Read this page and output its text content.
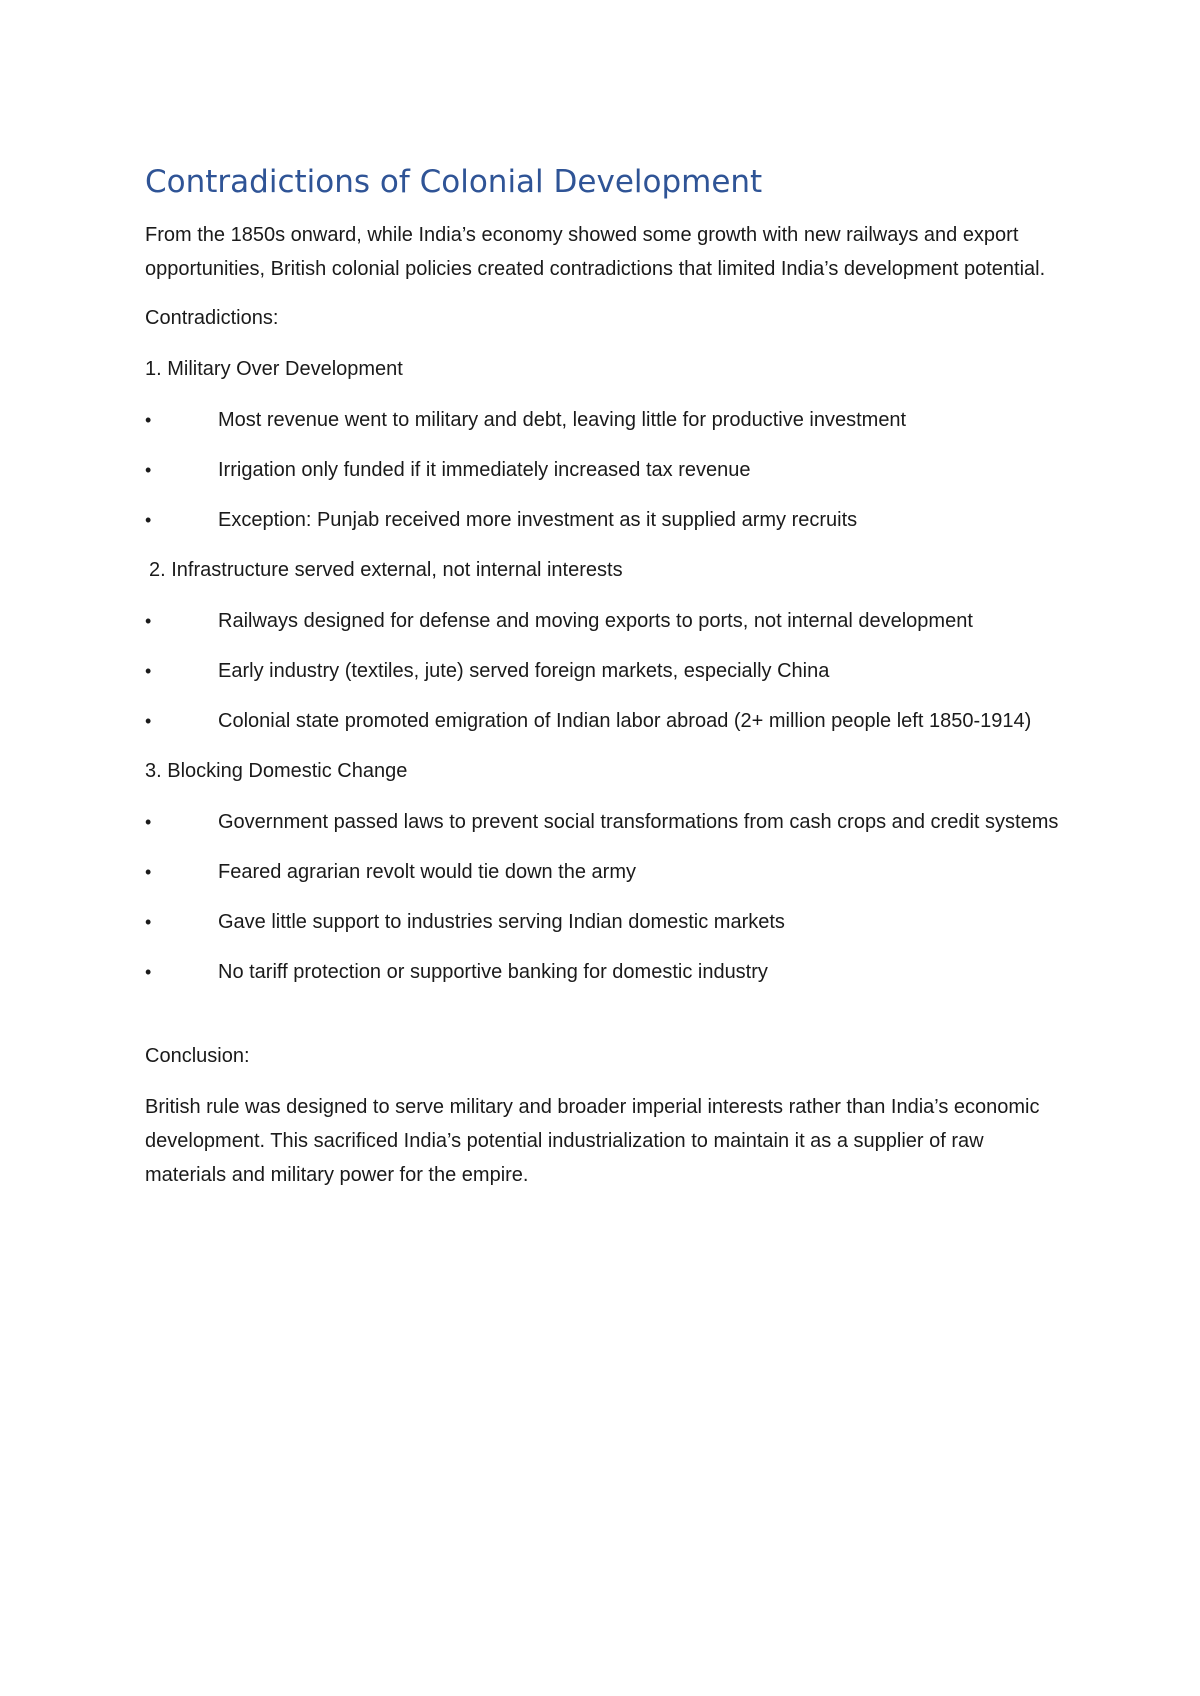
Contradictions of Colonial Development

From the 1850s onward, while India’s economy showed some growth with new railways and export opportunities, British colonial policies created contradictions that limited India’s development potential.

Contradictions:

1. Military Over Development

•	Most revenue went to military and debt, leaving little for productive investment

•	Irrigation only funded if it immediately increased tax revenue

•	Exception: Punjab received more investment as it supplied army recruits

2. Infrastructure served external, not internal interests

•	Railways designed for defense and moving exports to ports, not internal development

•	Early industry (textiles, jute) served foreign markets, especially China

•	Colonial state promoted emigration of Indian labor abroad (2+ million people left 1850-1914)

3. Blocking Domestic Change

•	Government passed laws to prevent social transformations from cash crops and credit systems

•	Feared agrarian revolt would tie down the army

•	Gave little support to industries serving Indian domestic markets

•	No tariff protection or supportive banking for domestic industry

Conclusion:

British rule was designed to serve military and broader imperial interests rather than India’s economic development. This sacrificed India’s potential industrialization to maintain it as a supplier of raw materials and military power for the empire.
